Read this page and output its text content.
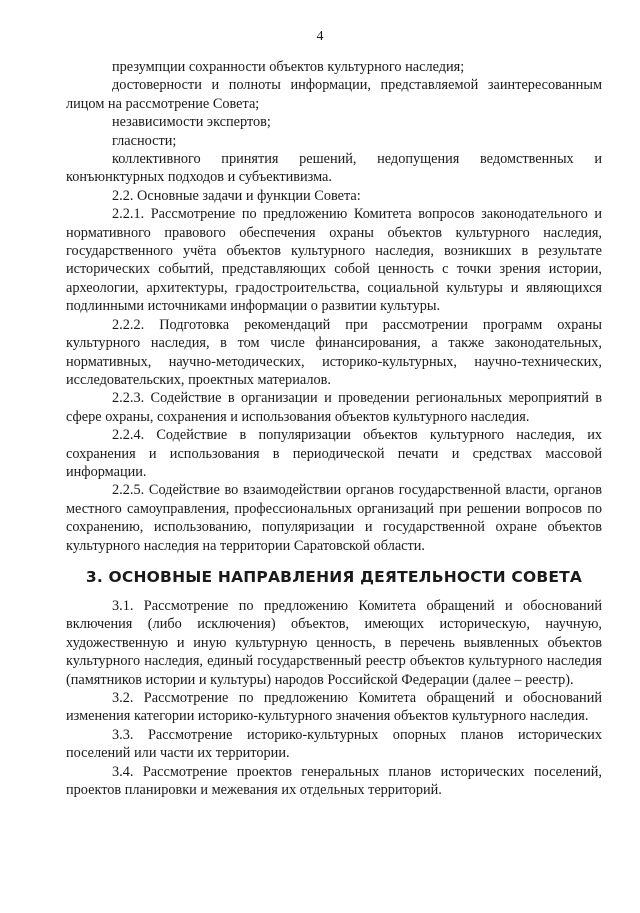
4

презумпции сохранности объектов культурного наследия;

достоверности и полноты информации, представляемой заинтересованным лицом на рассмотрение Совета;

независимости экспертов;

гласности;

коллективного принятия решений, недопущения ведомственных и конъюнктурных подходов и субъективизма.

2.2. Основные задачи и функции Совета:

2.2.1. Рассмотрение по предложению Комитета вопросов законодательного и нормативного правового обеспечения охраны объектов культурного наследия, государственного учёта объектов культурного наследия, возникших в результате исторических событий, представляющих собой ценность с точки зрения истории, археологии, архитектуры, градостроительства, социальной культуры и являющихся подлинными источниками информации о развитии культуры.

2.2.2. Подготовка рекомендаций при рассмотрении программ охраны культурного наследия, в том числе финансирования, а также законодательных, нормативных, научно-методических, историко-культурных, научно-технических, исследовательских, проектных материалов.

2.2.3. Содействие в организации и проведении региональных мероприятий в сфере охраны, сохранения и использования объектов культурного наследия.

2.2.4. Содействие в популяризации объектов культурного наследия, их сохранения и использования в периодической печати и средствах массовой информации.

2.2.5. Содействие во взаимодействии органов государственной власти, органов местного самоуправления, профессиональных организаций при решении вопросов по сохранению, использованию, популяризации и государственной охране объектов культурного наследия на территории Саратовской области.

3. ОСНОВНЫЕ НАПРАВЛЕНИЯ ДЕЯТЕЛЬНОСТИ СОВЕТА

3.1. Рассмотрение по предложению Комитета обращений и обоснований включения (либо исключения) объектов, имеющих историческую, научную, художественную и иную культурную ценность, в перечень выявленных объектов культурного наследия, единый государственный реестр объектов культурного наследия (памятников истории и культуры) народов Российской Федерации (далее – реестр).

3.2. Рассмотрение по предложению Комитета обращений и обоснований изменения категории историко-культурного значения объектов культурного наследия.

3.3. Рассмотрение историко-культурных опорных планов исторических поселений или части их территории.

3.4. Рассмотрение проектов генеральных планов исторических поселений, проектов планировки и межевания их отдельных территорий.
